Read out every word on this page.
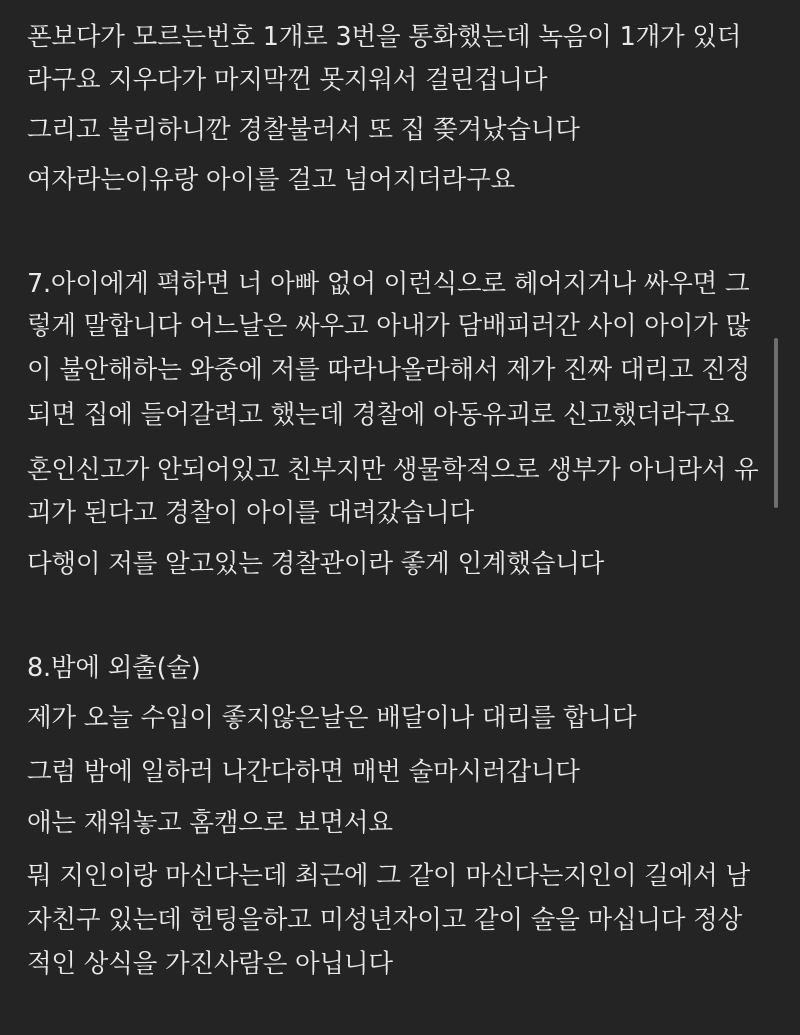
폰보다가 모르는번호 1개로 3번을 통화했는데 녹음이 1개가 있더
라구요 지우다가 마지막껀 못지워서 걸린겁니다
그리고 불리하니깐 경찰불러서 또 집 쫒겨났습니다
여자라는이유랑 아이를 걸고 넘어지더라구요
7.아이에게 펵하면 너 아빠 없어 이런식으로 헤어지거나 싸우면 그
렇게 말합니다 어느날은 싸우고 아내가 담배피러간 사이 아이가 많
이 불안해하는 와중에 저를 따라나올라해서 제가 진짜 대리고 진정
되면 집에 들어갈려고 했는데 경찰에 아동유괴로 신고했더라구요
혼인신고가 안되어있고 친부지만 생물학적으로 생부가 아니라서 유
괴가 된다고 경찰이 아이를 대려갔습니다
다행이 저를 알고있는 경찰관이라 좋게 인계했습니다
8.밤에 외출(술)
제가 오늘 수입이 좋지않은날은 배달이나 대리를 합니다
그럼 밤에 일하러 나간다하면 매번 술마시러갑니다
애는 재워놓고 홈캠으로 보면서요
뭐 지인이랑 마신다는데 최근에 그 같이 마신다는지인이 길에서 남
자친구 있는데 헌팅을하고 미성년자이고 같이 술을 마십니다 정상
적인 상식을 가진사람은 아닙니다
